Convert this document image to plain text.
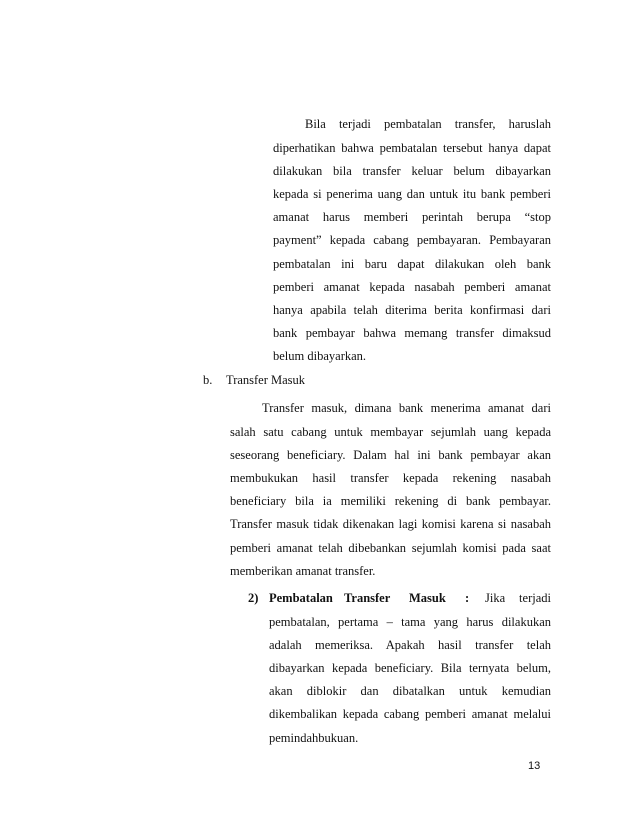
Bila terjadi pembatalan transfer, haruslah
diperhatikan bahwa pembatalan tersebut hanya dapat
dilakukan bila transfer keluar belum dibayarkan
kepada si penerima uang dan untuk itu bank pemberi
amanat harus memberi perintah berupa “stop
payment” kepada cabang pembayaran. Pembayaran
pembatalan ini baru dapat dilakukan oleh bank
pemberi amanat kepada nasabah pemberi amanat
hanya apabila telah diterima berita konfirmasi dari
bank pembayar bahwa memang transfer dimaksud
belum dibayarkan.
b. Transfer Masuk
Transfer masuk, dimana bank menerima amanat dari
salah satu cabang untuk membayar sejumlah uang kepada
seseorang beneficiary. Dalam hal ini bank pembayar akan
membukukan hasil transfer kepada rekening nasabah
beneficiary bila ia memiliki rekening di bank pembayar.
Transfer masuk tidak dikenakan lagi komisi karena si nasabah
pemberi amanat telah dibebankan sejumlah komisi pada saat
memberikan amanat transfer.
2) Pembatalan Transfer Masuk : Jika terjadi
pembatalan, pertama – tama yang harus dilakukan
adalah memeriksa. Apakah hasil transfer telah
dibayarkan kepada beneficiary. Bila ternyata belum,
akan diblokir dan dibatalkan untuk kemudian
dikembalikan kepada cabang pemberi amanat melalui
pemindahbukuan.
13
